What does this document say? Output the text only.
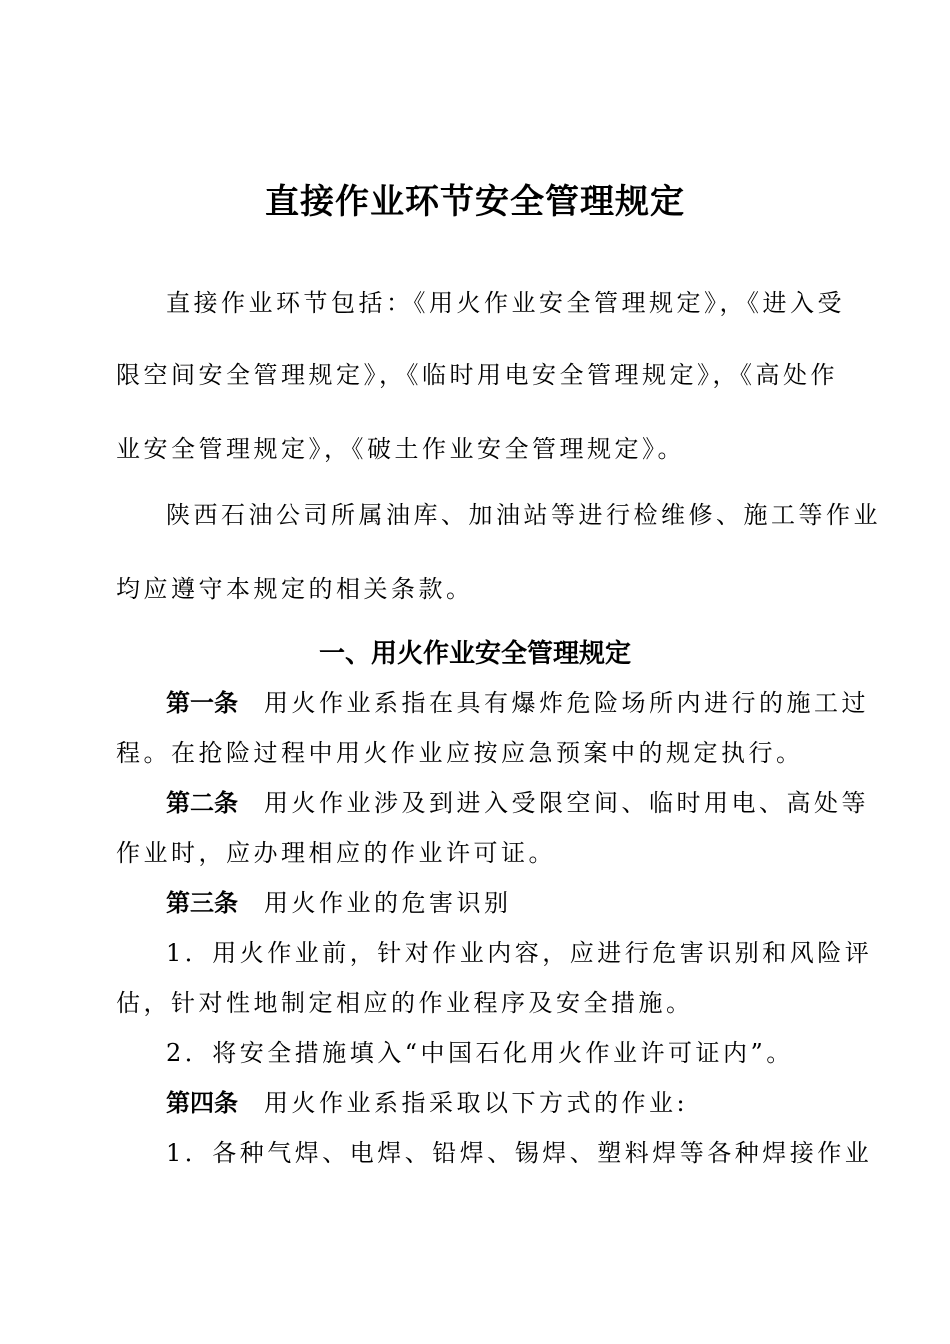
直接作业环节安全管理规定
直接作业环节包括：《用火作业安全管理规定》，《进入受
限空间安全管理规定》，《临时用电安全管理规定》，《高处作
业安全管理规定》，《破土作业安全管理规定》。
陕西石油公司所属油库、加油站等进行检维修、施工等作业
均应遵守本规定的相关条款。
一、用火作业安全管理规定
第一条 用火作业系指在具有爆炸危险场所内进行的施工过
程。在抢险过程中用火作业应按应急预案中的规定执行。
第二条 用火作业涉及到进入受限空间、临时用电、高处等
作业时，应办理相应的作业许可证。
第三条 用火作业的危害识别
1．用火作业前，针对作业内容，应进行危害识别和风险评
估，针对性地制定相应的作业程序及安全措施。
2．将安全措施填入“中国石化用火作业许可证内”。
第四条 用火作业系指采取以下方式的作业:
1．各种气焊、电焊、铅焊、锡焊、塑料焊等各种焊接作业
